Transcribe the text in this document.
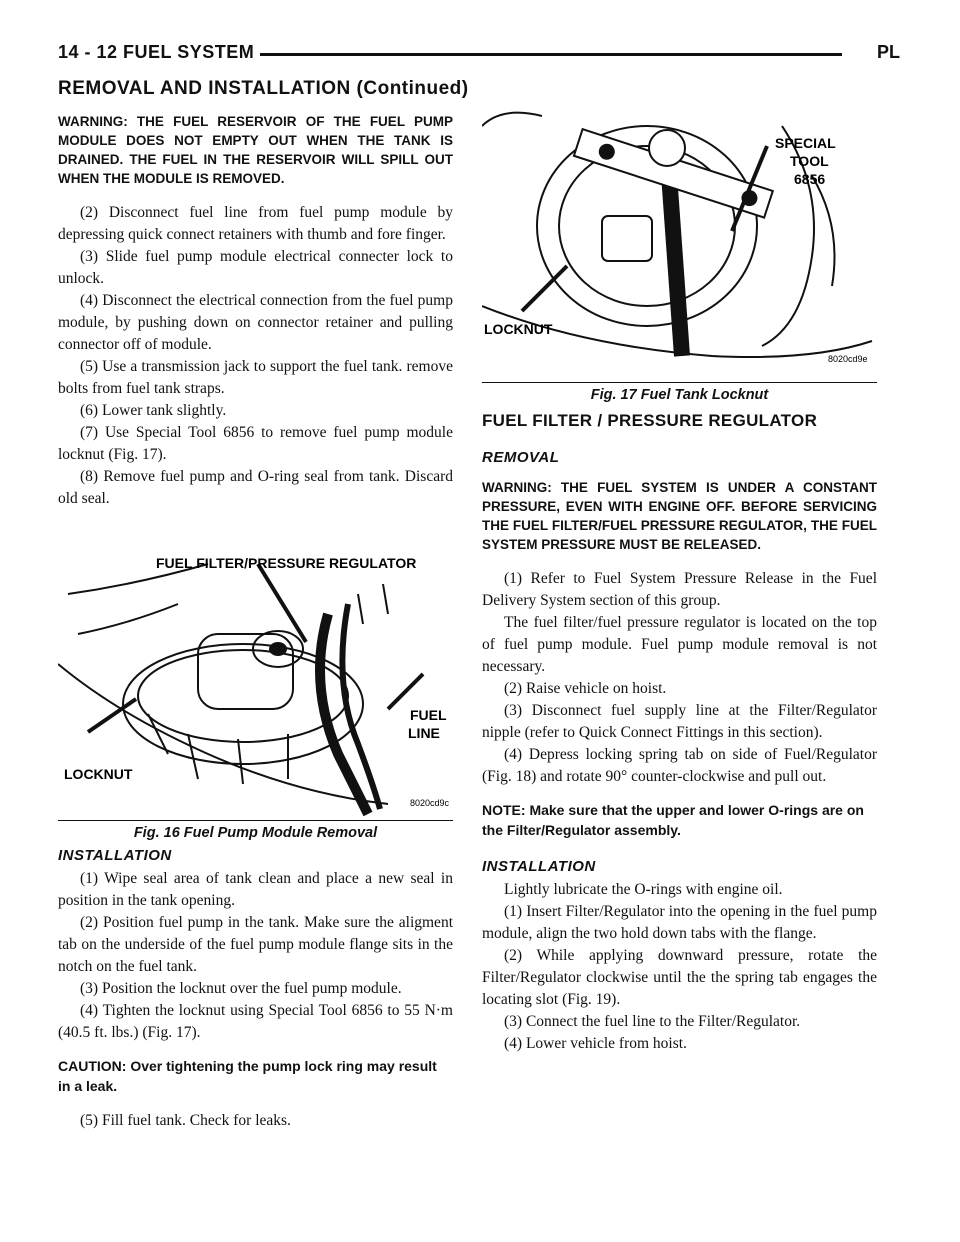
14 - 12 FUEL SYSTEM	PL
REMOVAL AND INSTALLATION (Continued)

WARNING: THE FUEL RESERVOIR OF THE FUEL PUMP MODULE DOES NOT EMPTY OUT WHEN THE TANK IS DRAINED. THE FUEL IN THE RESERVOIR WILL SPILL OUT WHEN THE MODULE IS REMOVED.

(2) Disconnect fuel line from fuel pump module by depressing quick connect retainers with thumb and fore finger.

(3) Slide fuel pump module electrical connecter lock to unlock.

(4) Disconnect the electrical connection from the fuel pump module, by pushing down on connector retainer and pulling connector off of module.

(5) Use a transmission jack to support the fuel tank. remove bolts from fuel tank straps.

(6) Lower tank slightly.

(7) Use Special Tool 6856 to remove fuel pump module locknut (Fig. 17).

(8) Remove fuel pump and O-ring seal from tank. Discard old seal.

FUEL FILTER/PRESSURE REGULATOR
FUEL
LINE
LOCKNUT
8020cd9c
Fig. 16 Fuel Pump Module Removal
INSTALLATION

(1) Wipe seal area of tank clean and place a new seal in position in the tank opening.

(2) Position fuel pump in the tank. Make sure the aligment tab on the underside of the fuel pump module flange sits in the notch on the fuel tank.

(3) Position the locknut over the fuel pump module.

(4) Tighten the locknut using Special Tool 6856 to 55 N·m (40.5 ft. lbs.) (Fig. 17).

CAUTION: Over tightening the pump lock ring may result in a leak.

(5) Fill fuel tank. Check for leaks.

SPECIAL
TOOL
6856
LOCKNUT
8020cd9e
Fig. 17 Fuel Tank Locknut
FUEL FILTER / PRESSURE REGULATOR
REMOVAL

WARNING: THE FUEL SYSTEM IS UNDER A CONSTANT PRESSURE, EVEN WITH ENGINE OFF. BEFORE SERVICING THE FUEL FILTER/FUEL PRESSURE REGULATOR, THE FUEL SYSTEM PRESSURE MUST BE RELEASED.

(1) Refer to Fuel System Pressure Release in the Fuel Delivery System section of this group.

The fuel filter/fuel pressure regulator is located on the top of fuel pump module. Fuel pump module removal is not necessary.

(2) Raise vehicle on hoist.

(3) Disconnect fuel supply line at the Filter/Regulator nipple (refer to Quick Connect Fittings in this section).

(4) Depress locking spring tab on side of Fuel/Regulator (Fig. 18) and rotate 90° counter-clockwise and pull out.

NOTE: Make sure that the upper and lower O-rings are on the Filter/Regulator assembly.

INSTALLATION

Lightly lubricate the O-rings with engine oil.

(1) Insert Filter/Regulator into the opening in the fuel pump module, align the two hold down tabs with the flange.

(2) While applying downward pressure, rotate the Filter/Regulator clockwise until the the spring tab engages the locating slot (Fig. 19).

(3) Connect the fuel line to the Filter/Regulator.

(4) Lower vehicle from hoist.
